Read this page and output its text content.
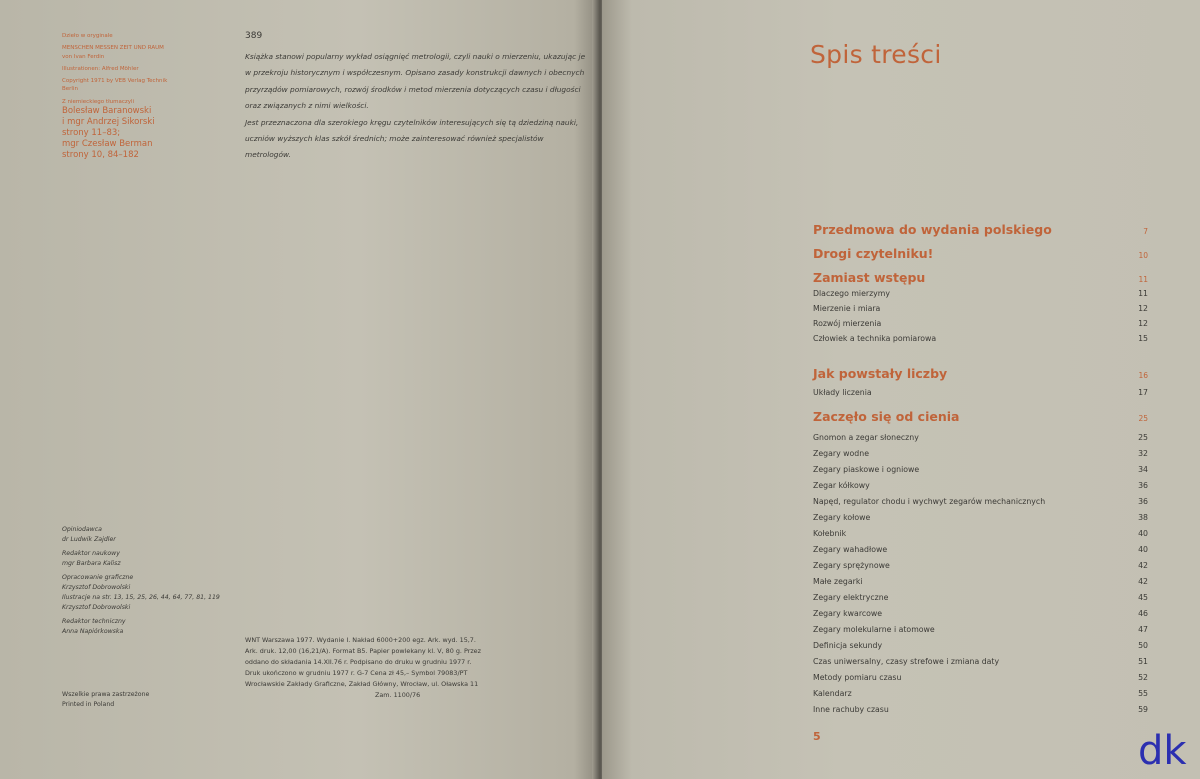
Dzieło w oryginale

MENSCHEN MESSEN ZEIT UND RAUM

von Ivan Ferdin

Illustrationen: Alfred Möhler

Copyright 1971 by VEB Verlag Technik

Berlin

Z niemieckiego tłumaczyli

Bolesław Baranowski

i mgr Andrzej Sikorski

strony 11–83;

mgr Czesław Berman

strony 10, 84–182

389

Książka stanowi popularny wykład osiągnięć metrologii, czyli nauki o mierzeniu, ukazując je w przekroju historycznym i współczesnym. Opisano zasady konstrukcji dawnych i obecnych przyrządów pomiarowych, rozwój środków i metod mierzenia dotyczących czasu i długości oraz związanych z nimi wielkości.

Jest przeznaczona dla szerokiego kręgu czytelników interesujących się tą dziedziną nauki, uczniów wyższych klas szkół średnich; może zainteresować również specjalistów metrologów.

Opiniodawca

dr Ludwik Zajdler

Redaktor naukowy

mgr Barbara Kalisz

Opracowanie graficzne

Krzysztof Dobrowolski

Ilustracje na str. 13, 15, 25, 26, 44, 64, 77, 81, 119

Krzysztof Dobrowolski

Redaktor techniczny

Anna Napiórkowska

Wszelkie prawa zastrzeżone
Printed in Poland
WNT Warszawa 1977. Wydanie I. Nakład 6000+200 egz. Ark. wyd. 15,7.
Ark. druk. 12,00 (16,21/A). Format B5. Papier powlekany kl. V, 80 g. Przez
oddano do składania 14.XII.76 r. Podpisano do druku w grudniu 1977 r.
Druk ukończono w grudniu 1977 r. G-7 Cena zł 45,– Symbol 79083/PT
Wrocławskie Zakłady Graficzne, Zakład Główny, Wrocław, ul. Oławska 11
Zam. 1100/76
Spis treści
Przedmowa do wydania polskiego	7
Drogi czytelniku!	10
Zamiast wstępu	11
Dlaczego mierzymy	11
Mierzenie i miara	12
Rozwój mierzenia	12
Człowiek a technika pomiarowa	15
Jak powstały liczby	16
Układy liczenia	17
Zaczęło się od cienia	25
Gnomon a zegar słoneczny	25
Zegary wodne	32
Zegary piaskowe i ogniowe	34
Zegar kółkowy	36
Napęd, regulator chodu i wychwyt zegarów mechanicznych	36
Zegary kołowe	38
Kołebnik	40
Zegary wahadłowe	40
Zegary sprężynowe	42
Małe zegarki	42
Zegary elektryczne	45
Zegary kwarcowe	46
Zegary molekularne i atomowe	47
Definicja sekundy	50
Czas uniwersalny, czasy strefowe i zmiana daty	51
Metody pomiaru czasu	52
Kalendarz	55
Inne rachuby czasu	59
5	dk
